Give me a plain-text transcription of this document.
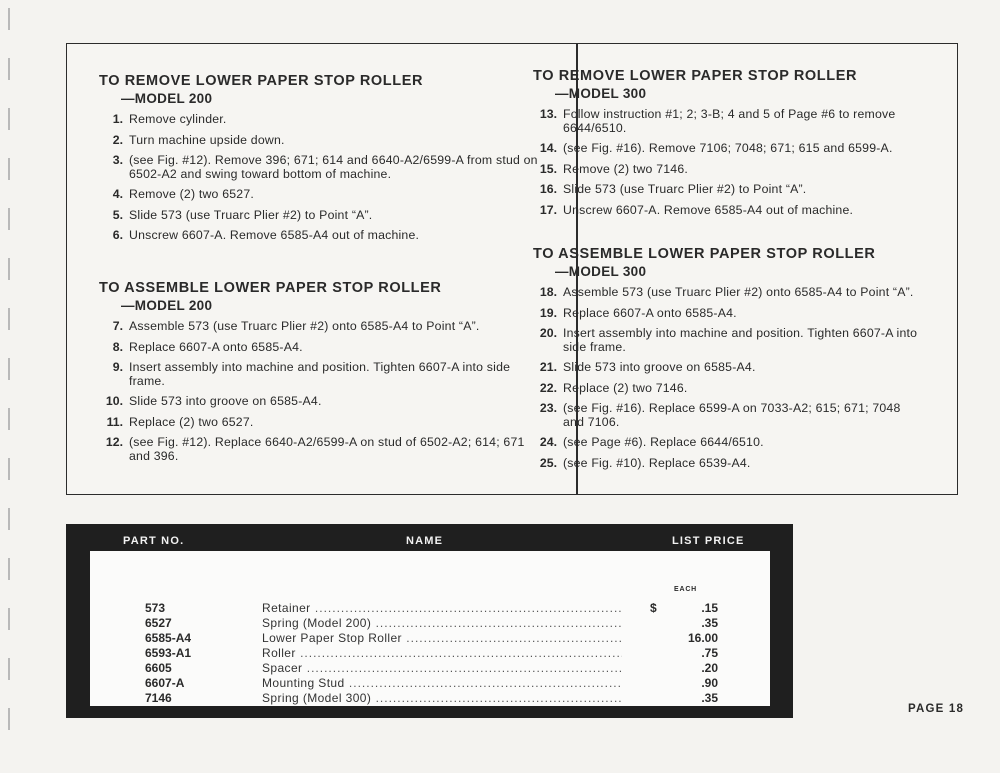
TO REMOVE LOWER PAPER STOP ROLLER
—MODEL 200
1 . Remove cylinder.
2 . Turn machine upside down.
3 . (see Fig. #12). Remove 396; 671; 614 and 6640-A2/6599-A from stud on 6502-A2 and swing toward bottom of machine.
4 . Remove (2) two 6527.
5 . Slide 573 (use Truarc Plier #2) to Point “A”.
6 . Unscrew 6607-A. Remove 6585-A4 out of machine.
TO ASSEMBLE LOWER PAPER STOP ROLLER
—MODEL 200
7 . Assemble 573 (use Truarc Plier #2) onto 6585-A4 to Point “A”.
8 . Replace 6607-A onto 6585-A4.
9 . Insert assembly into machine and position. Tighten 6607-A into side frame.
10 . Slide 573 into groove on 6585-A4.
11 . Replace (2) two 6527.
12 . (see Fig. #12). Replace 6640-A2/6599-A on stud of 6502-A2; 614; 671 and 396.
TO REMOVE LOWER PAPER STOP ROLLER
—MODEL 300
13 . Follow instruction #1; 2; 3-B; 4 and 5 of Page #6 to remove 6644/6510.
14 . (see Fig. #16). Remove 7106; 7048; 671; 615 and 6599-A.
15 . Remove (2) two 7146.
16 . Slide 573 (use Truarc Plier #2) to Point “A”.
17 . Unscrew 6607-A. Remove 6585-A4 out of machine.
TO ASSEMBLE LOWER PAPER STOP ROLLER
—MODEL 300
18 . Assemble 573 (use Truarc Plier #2) onto 6585-A4 to Point “A”.
19 . Replace 6607-A onto 6585-A4.
20 . Insert assembly into machine and position. Tighten 6607-A into side frame.
21 . Slide 573 into groove on 6585-A4.
22 . Replace (2) two 7146.
23 . (see Fig. #16). Replace 6599-A on 7033-A2; 615; 671; 7048 and 7106.
24 . (see Page #6). Replace 6644/6510.
25 . (see Fig. #10). Replace 6539-A4.
PART NO.	NAME	LIST PRICE
EACH
573	Retainer .....	$	.15
6527	Spring (Model 200) .....	.35
6585-A4	Lower Paper Stop Roller .....	16.00
6593-A1	Roller .....	.75
6605	Spacer .....	.20
6607-A	Mounting Stud .....	.90
7146	Spring (Model 300) .....	.35
PAGE 18
